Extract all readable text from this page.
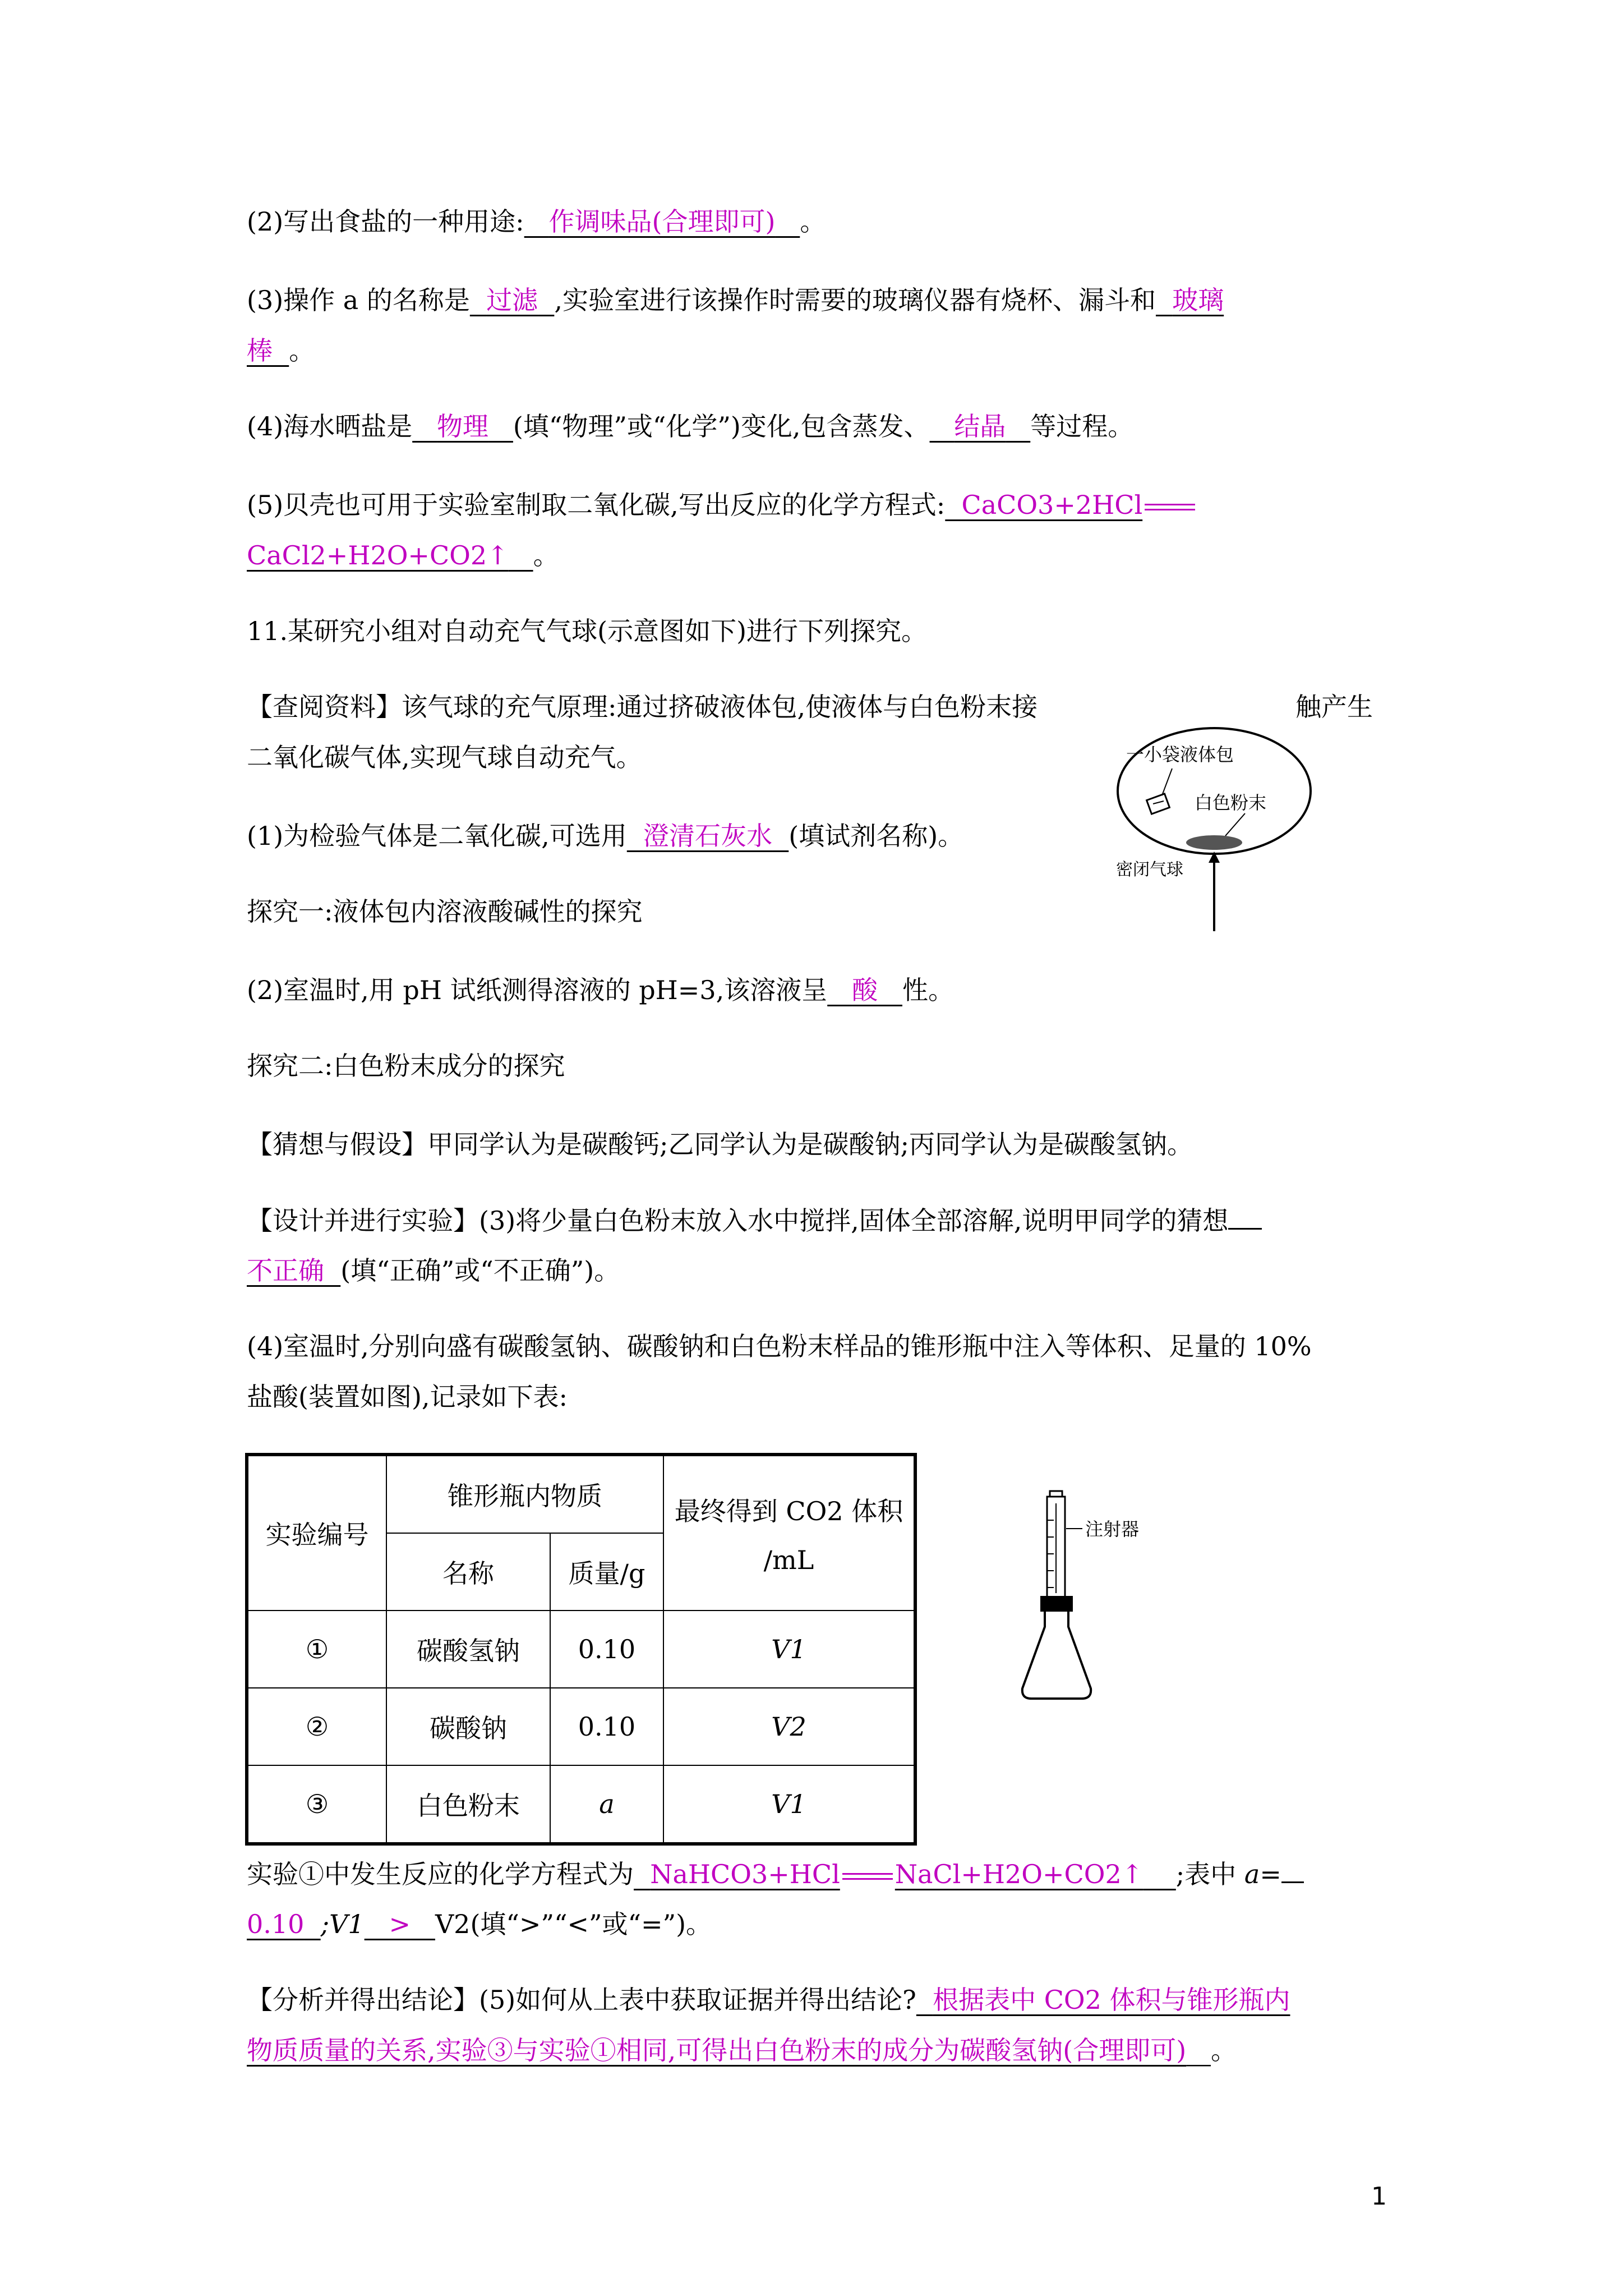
(2)写出食盐的一种用途: 作调味品(合理即可) 。
(3)操作 a 的名称是 过滤 ,实验室进行该操作时需要的玻璃仪器有烧杯、漏斗和 玻璃
棒 。
(4)海水晒盐是 物理 (填“物理”或“化学”)变化,包含蒸发、 结晶 等过程。
(5)贝壳也可用于实验室制取二氧化碳,写出反应的化学方程式: CaCO3+2HCl
CaCl2+H2O+CO2↑ 。
11.某研究小组对自动充气气球(示意图如下)进行下列探究。
【查阅资料】该气球的充气原理:通过挤破液体包,使液体与白色粉末接	触产生
二氧化碳气体,实现气球自动充气。
(1)为检验气体是二氧化碳,可选用 澄清石灰水 (填试剂名称)。
探究一:液体包内溶液酸碱性的探究
(2)室温时,用 pH 试纸测得溶液的 pH=3,该溶液呈 酸 性。
探究二:白色粉末成分的探究
【猜想与假设】甲同学认为是碳酸钙;乙同学认为是碳酸钠;丙同学认为是碳酸氢钠。
【设计并进行实验】(3)将少量白色粉末放入水中搅拌,固体全部溶解,说明甲同学的猜想
不正确 (填“正确”或“不正确”)。
(4)室温时,分别向盛有碳酸氢钠、碳酸钠和白色粉末样品的锥形瓶中注入等体积、足量的 10%
盐酸(装置如图),记录如下表:
一小袋液体包
白色粉末
密闭气球
实验编号	锥形瓶内物质		最终得到 CO2 体积
/mL

	名称	质量/g	
①	碳酸氢钠	0.10	V1
②	碳酸钠	0.10	V2
③	白色粉末	a	V1
注射器
实验①中发生反应的化学方程式为 NaHCO3+HCl NaCl+H2O+CO2↑ ;表中 a=
0.10 ;V1 > V2(填“>”“<”或“=”)。
【分析并得出结论】(5)如何从上表中获取证据并得出结论? 根据表中 CO2 体积与锥形瓶内
物质质量的关系,实验③与实验①相同,可得出白色粉末的成分为碳酸氢钠(合理即可) 。
1
